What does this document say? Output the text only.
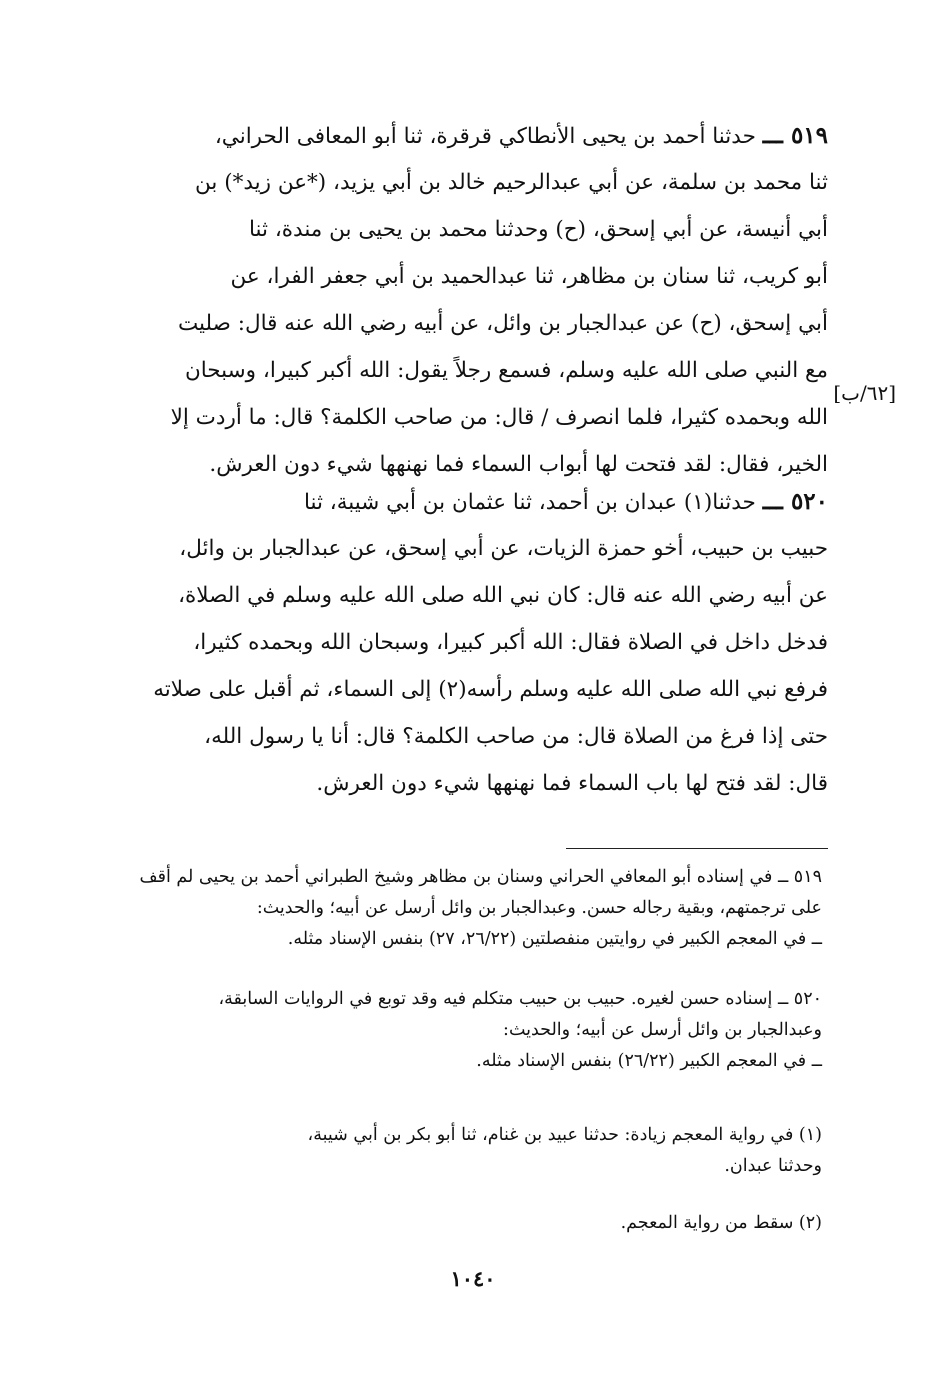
٥١٩ ـــ حدثنا أحمد بن يحيى الأنطاكي قرقرة، ثنا أبو المعافى الحراني،
ثنا محمد بن سلمة، عن أبي عبدالرحيم خالد بن أبي يزيد، (*عن زيد*) بن
أبي أنيسة، عن أبي إسحق، (ح) وحدثنا محمد بن يحيى بن مندة، ثنا
أبو كريب، ثنا سنان بن مظاهر، ثنا عبدالحميد بن أبي جعفر الفرا، عن
أبي إسحق، (ح) عن عبدالجبار بن وائل، عن أبيه رضي الله عنه قال: صليت
مع النبي صلى الله عليه وسلم، فسمع رجلاً يقول: الله أكبر كبيرا، وسبحان
الله وبحمده كثيرا، فلما انصرف / قال: من صاحب الكلمة؟ قال: ما أردت إلا
الخير، فقال: لقد فتحت لها أبواب السماء فما نهنهها شيء دون العرش.
[٦٢/ب]
٥٢٠ ـــ حدثنا(١) عبدان بن أحمد، ثنا عثمان بن أبي شيبة، ثنا
حبيب بن حبيب، أخو حمزة الزيات، عن أبي إسحق، عن عبدالجبار بن وائل،
عن أبيه رضي الله عنه قال: كان نبي الله صلى الله عليه وسلم في الصلاة،
فدخل داخل في الصلاة فقال: الله أكبر كبيرا، وسبحان الله وبحمده كثيرا،
فرفع نبي الله صلى الله عليه وسلم رأسه(٢) إلى السماء، ثم أقبل على صلاته
حتى إذا فرغ من الصلاة قال: من صاحب الكلمة؟ قال: أنا يا رسول الله،
قال: لقد فتح لها باب السماء فما نهنهها شيء دون العرش.
٥١٩ ــ في إسناده أبو المعافي الحراني وسنان بن مظاهر وشيخ الطبراني أحمد بن يحيى لم أقف
على ترجمتهم، وبقية رجاله حسن. وعبدالجبار بن وائل أرسل عن أبيه؛ والحديث:
ــ في المعجم الكبير في روايتين منفصلتين (٢٦/٢٢، ٢٧) بنفس الإسناد مثله.
٥٢٠ ــ إسناده حسن لغيره. حبيب بن حبيب متكلم فيه وقد توبع في الروايات السابقة،
وعبدالجبار بن وائل أرسل عن أبيه؛ والحديث:
ــ في المعجم الكبير (٢٦/٢٢) بنفس الإسناد مثله.
(١) في رواية المعجم زيادة: حدثنا عبيد بن غنام، ثنا أبو بكر بن أبي شيبة،
وحدثنا عبدان.
(٢) سقط من رواية المعجم.
١٠٤٠
